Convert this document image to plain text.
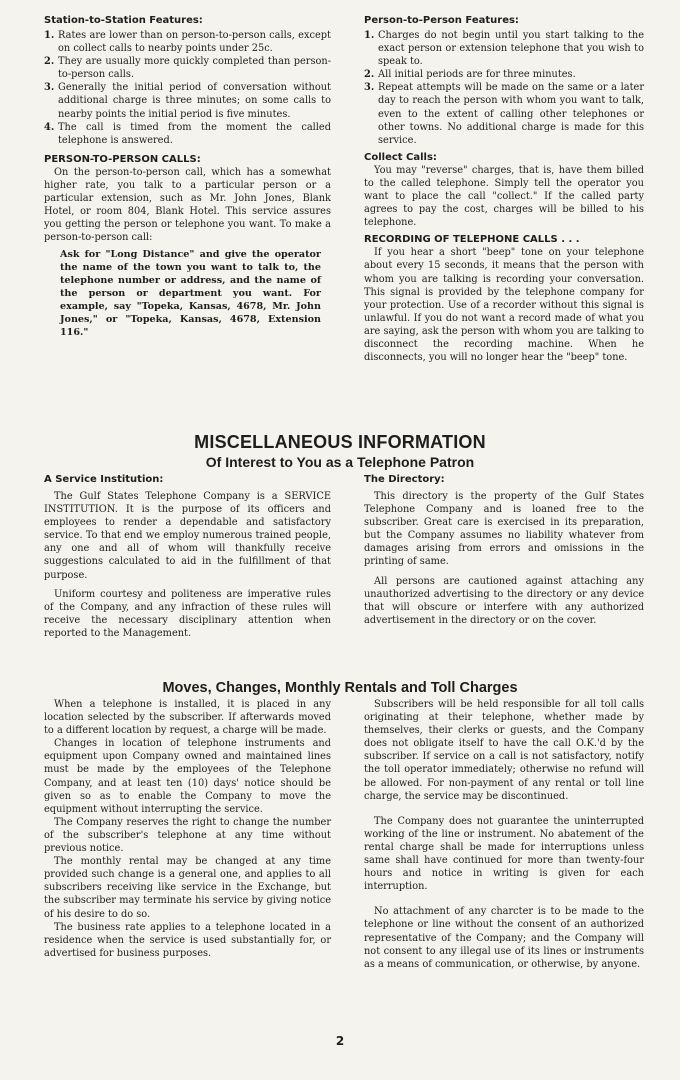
Station-to-Station Features:
1. Rates are lower than on person-to-person calls, except on collect calls to nearby points under 25c.
2. They are usually more quickly completed than person-to-person calls.
3. Generally the initial period of conversation without additional charge is three minutes; on some calls to nearby points the initial period is five minutes.
4. The call is timed from the moment the called telephone is answered.
PERSON-TO-PERSON CALLS:

On the person-to-person call, which has a somewhat higher rate, you talk to a particular person or a particular extension, such as Mr. John Jones, Blank Hotel, or room 804, Blank Hotel. This service assures you getting the person or telephone you want. To make a person-to-person call:

Ask for "Long Distance" and give the operator the name of the town you want to talk to, the telephone number or address, and the name of the person or department you want. For example, say "Topeka, Kansas, 4678, Mr. John Jones," or "Topeka, Kansas, 4678, Extension 116."
Person-to-Person Features:
1. Charges do not begin until you start talking to the exact person or extension telephone that you wish to speak to.
2. All initial periods are for three minutes.
3. Repeat attempts will be made on the same or a later day to reach the person with whom you want to talk, even to the extent of calling other telephones or other towns. No additional charge is made for this service.
Collect Calls:

You may "reverse" charges, that is, have them billed to the called telephone. Simply tell the operator you want to place the call "collect." If the called party agrees to pay the cost, charges will be billed to his telephone.

RECORDING OF TELEPHONE CALLS . . .

If you hear a short "beep" tone on your telephone about every 15 seconds, it means that the person with whom you are talking is recording your conversation. This signal is provided by the telephone company for your protection. Use of a recorder without this signal is unlawful. If you do not want a record made of what you are saying, ask the person with whom you are talking to disconnect the recording machine. When he disconnects, you will no longer hear the "beep" tone.

MISCELLANEOUS INFORMATION
Of Interest to You as a Telephone Patron
A Service Institution:

The Gulf States Telephone Company is a SERVICE INSTITUTION. It is the purpose of its officers and employees to render a dependable and satisfactory service. To that end we employ numerous trained people, any one and all of whom will thankfully receive suggestions calculated to aid in the fulfillment of that purpose.

Uniform courtesy and politeness are imperative rules of the Company, and any infraction of these rules will receive the necessary disciplinary attention when reported to the Management.

The Directory:

This directory is the property of the Gulf States Telephone Company and is loaned free to the subscriber. Great care is exercised in its preparation, but the Company assumes no liability whatever from damages arising from errors and omissions in the printing of same.

All persons are cautioned against attaching any unauthorized advertising to the directory or any device that will obscure or interfere with any authorized advertisement in the directory or on the cover.

Moves, Changes, Monthly Rentals and Toll Charges

When a telephone is installed, it is placed in any location selected by the subscriber. If afterwards moved to a different location by request, a charge will be made.

Changes in location of telephone instruments and equipment upon Company owned and maintained lines must be made by the employees of the Telephone Company, and at least ten (10) days' notice should be given so as to enable the Company to move the equipment without interrupting the service.

The Company reserves the right to change the number of the subscriber's telephone at any time without previous notice.

The monthly rental may be changed at any time provided such change is a general one, and applies to all subscribers receiving like service in the Exchange, but the subscriber may terminate his service by giving notice of his desire to do so.

The business rate applies to a telephone located in a residence when the service is used substantially for, or advertised for business purposes.

Subscribers will be held responsible for all toll calls originating at their telephone, whether made by themselves, their clerks or guests, and the Company does not obligate itself to have the call O.K.'d by the subscriber. If service on a call is not satisfactory, notify the toll operator immediately; otherwise no refund will be allowed. For non-payment of any rental or toll line charge, the service may be discontinued.

The Company does not guarantee the uninterrupted working of the line or instrument. No abatement of the rental charge shall be made for interruptions unless same shall have continued for more than twenty-four hours and notice in writing is given for each interruption.

No attachment of any charcter is to be made to the telephone or line without the consent of an authorized representative of the Company; and the Company will not consent to any illegal use of its lines or instruments as a means of communication, or otherwise, by anyone.

2
